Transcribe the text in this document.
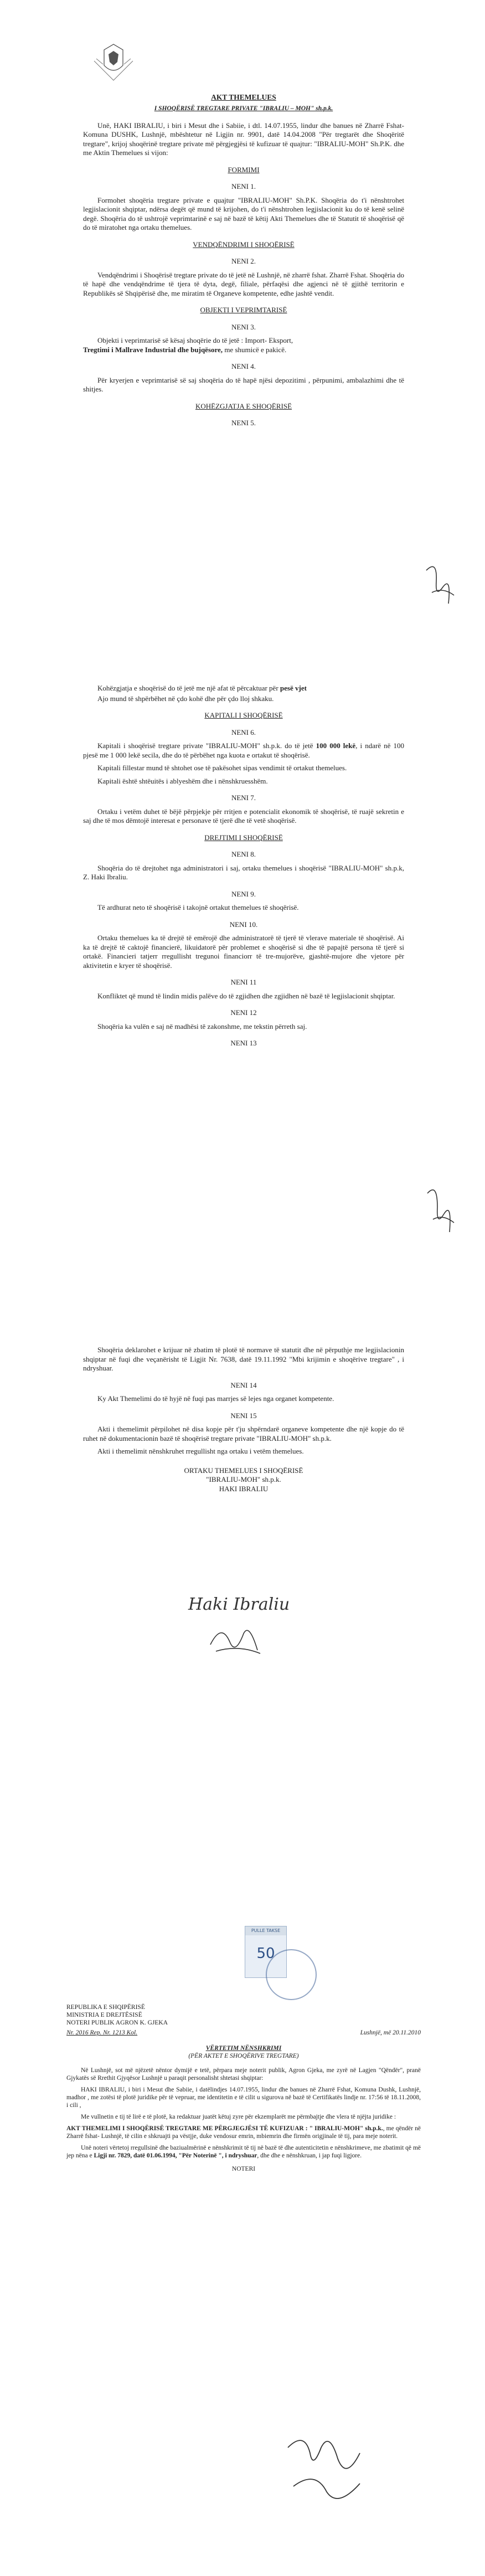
AKT THEMELUES
I SHOQËRISË TREGTARE PRIVATE "IBRALIU – MOH" sh.p.k.

Unë, HAKI IBRALIU, i biri i Mesut dhe i Sabiie, i dtl. 14.07.1955, lindur dhe banues në Zharrë Fshat-Komuna DUSHK, Lushnjë, mbështetur në Ligjin nr. 9901, datë 14.04.2008 "Për tregtarët dhe Shoqëritë tregtare", krijoj shoqërinë tregtare private më përgjegjësi të kufizuar të quajtur: "IBRALIU-MOH" Sh.P.K. dhe me Aktin Themelues si vijon:

FORMIMI
NENI 1.

Formohet shoqëria tregtare private e quajtur "IBRALIU-MOH" Sh.P.K. Shoqëria do t'i nënshtrohet legjislacionit shqiptar, ndërsa degët që mund të krijohen, do t'i nënshtrohen legjislacionit ku do të kenë selinë degë. Shoqëria do të ushtrojë veprimtarinë e saj në bazë të këtij Akti Themelues dhe të Statutit të shoqërisë që do të miratohet nga ortaku themelues.

VENDQËNDRIMI I SHOQËRISË
NENI 2.

Vendqëndrimi i Shoqërisë tregtare private do të jetë në Lushnjë, në zharrë fshat. Zharrë Fshat. Shoqëria do të hapë dhe vendqëndrime të tjera të dyta, degë, filiale, përfaqësi dhe agjenci në të gjithë territorin e Republikës së Shqipërisë dhe, me miratim të Organeve kompetente, edhe jashtë vendit.

OBJEKTI I VEPRIMTARISË
NENI 3.

Objekti i veprimtarisë së kësaj shoqërie do të jetë : Import- Eksport,
Tregtimi i Mallrave Industrial dhe bujqësore, me shumicë e pakicë.

NENI 4.

Për kryerjen e veprimtarisë së saj shoqëria do të hapë njësi depozitimi , përpunimi, ambalazhimi dhe të shitjes.

KOHËZGJATJA E SHOQËRISË
NENI 5.

Kohëzgjatja e shoqërisë do të jetë me një afat të përcaktuar për pesë vjet

Ajo mund të shpërbëhet në çdo kohë dhe për çdo lloj shkaku.

KAPITALI I SHOQËRISË
NENI 6.

Kapitali i shoqërisë tregtare private "IBRALIU-MOH" sh.p.k. do të jetë 100 000 lekë, i ndarë në 100 pjesë me 1 000 lekë secila, dhe do të përbëhet nga kuota e ortakut të shoqërisë.

Kapitali fillestar mund të shtohet ose të pakësohet sipas vendimit të ortakut themelues.

Kapitali është shtëuitës i ablyeshëm dhe i nënshkruesshëm.

NENI 7.

Ortaku i vetëm duhet të bëjë përpjekje për rritjen e potencialit ekonomik të shoqërisë, të ruajë sekretin e saj dhe të mos dëmtojë interesat e personave të tjerë dhe të vetë shoqërisë.

DREJTIMI I SHOQËRISË
NENI 8.

Shoqëria do të drejtohet nga administratori i saj, ortaku themelues i shoqërisë "IBRALIU-MOH" sh.p.k, Z. Haki Ibraliu.

NENI 9.

Të ardhurat neto të shoqërisë i takojnë ortakut themelues të shoqërisë.

NENI 10.

Ortaku themelues ka të drejtë të emërojë dhe administratorë të tjerë të vlerave materiale të shoqërisë. Ai ka të drejtë të caktojë financierë, likuidatorë për problemet e shoqërisë si dhe të papajtë persona të tjerë si ortakë. Financieri tatjerr rregullisht tregunoi financiorr të tre-mujorëve, gjashtë-mujore dhe vjetore për aktivitetin e kryer të shoqërisë.

NENI 11

Konfliktet që mund të lindin midis palëve do të zgjidhen dhe zgjidhen në bazë të legjislacionit shqiptar.

NENI 12

Shoqëria ka vulën e saj në madhësi të zakonshme, me tekstin përreth saj.

NENI 13

Shoqëria deklarohet e krijuar në zbatim të plotë të normave të statutit dhe në përputhje me legjislacionin shqiptar në fuqi dhe veçanërisht të Ligjit Nr. 7638, datë 19.11.1992 "Mbi krijimin e shoqërive tregtare" , i ndryshuar.

NENI 14

Ky Akt Themelimi do të hyjë në fuqi pas marrjes së lejes nga organet kompetente.

NENI 15

Akti i themelimit përpilohet në disa kopje për t'ju shpërndarë organeve kompetente dhe një kopje do të ruhet në dokumentacionin bazë të shoqërisë tregtare private "IBRALIU-MOH" sh.p.k.

Akti i themelimit nënshkruhet rregullisht nga ortaku i vetëm themelues.

ORTAKU THEMELUES I SHOQËRISË
"IBRALIU-MOH" sh.p.k.
HAKI IBRALIU
Haki Ibraliu
PULLE TAKSE
50
REPUBLIKA E SHQIPËRISË
MINISTRIA E DREJTËSISË
NOTERI PUBLIK AGRON K. GJEKA
Nr. 2016 Rep. Nr. 1213 Kol.	Lushnjë, më 20.11.2010
VËRTETIM NËNSHKRIMI
(PËR AKTET E SHOQËRIVE TREGTARE)

Në Lushnjë, sot më njëzetë nëntor dymijë e tetë, përpara meje noterit publik, Agron Gjeka, me zyrë në Lagjen "Qëndër", pranë Gjykatës së Rrethit Gjyqësor Lushnjë u paraqit personalisht shtetasi shqiptar:

HAKI IBRALIU, i biri i Mesut dhe Sabiie, i datëlindjes 14.07.1955, lindur dhe banues në Zharrë Fshat, Komuna Dushk, Lushnjë, madhor , me zotësi të plotë juridike për të vepruar, me identitetin e të cilit u sigurova në bazë të Certifikatës lindje nr. 17:56 të 18.11.2008, i cili ,

Me vullnetin e tij të lirë e të plotë, ka redaktuar juatët këtuj zyre për ekzemplarët me përmbajtje dhe vlera të njëjta juridike :

AKT THEMELIMI I SHOQËRISË TREGTARE ME PËRGJEGJËSI TË KUFIZUAR : " IBRALIU-MOH" sh.p.k., me qëndër në Zharrë fshat- Lushnjë, të cilin e shkruajti pa vëstjje, duke vendosur emrin, mbiemrin dhe firmën origjinale të tij, para meje noterit.

Unë noteri vërtetoj rregullsinë dhe baziualmërinë e nënshkrimit të tij në bazë të dhe autenticitetin e nënshkrimeve, me zbatimit që më jep nëna e Ligji nr. 7829, datë 01.06.1994, "Për Noterinë ", i ndryshuar, dhe dhe e nënshkruan, i jap fuqi ligjore.

NOTERI
